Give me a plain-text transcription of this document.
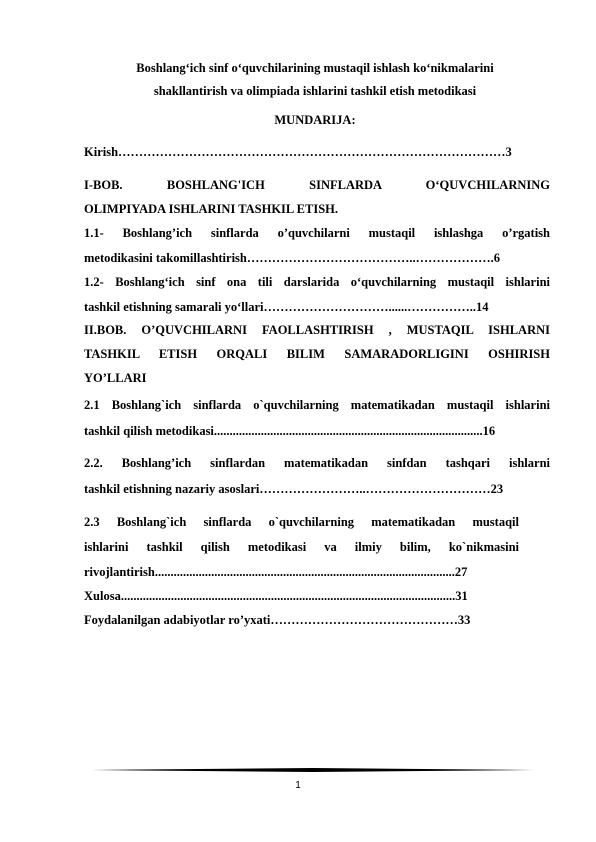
Boshlang‘ich sinf o‘quvchilarining mustaqil ishlash ko‘nikmalarini
shakllantirish va olimpiada ishlarini tashkil etish metodikasi
MUNDARIJA:
Kirish…………………………………………………………………………………3
I-BOB. BOSHLANG'ICH SINFLARDA O‘QUVCHILARNING
OLIMPIYADA ISHLARINI TASHKIL ETISH.
1.1- Boshlang’ich sinflarda o’quvchilarni mustaqil ishlashga o’rgatish
metodikasini takomillashtirish…………………………………..……………….6
1.2- Boshlang‘ich sinf ona tili darslarida o‘quvchilarning mustaqil ishlarini
tashkil etishning samarali yo‘llari…………………………......……………..14
II.BOB. O’QUVCHILARNI FAOLLASHTIRISH , MUSTAQIL ISHLARNI
TASHKIL ETISH ORQALI BILIM SAMARADORLIGINI OSHIRISH
YO’LLARI
2.1 Boshlang`ich sinflarda o`quvchilarning matematikadan mustaqil ishlarini
tashkil qilish metodikasi......................................................................................16
2.2. Boshlang’ich sinflardan matematikadan sinfdan tashqari ishlarni
tashkil etishning nazariy asoslari……………………..…………………………23
2.3 Boshlang`ich sinflarda o`quvchilarning matematikadan mustaqil
ishlarini tashkil qilish metodikasi va ilmiy bilim, ko`nikmasini
rivojlantirish................................................................................................27
Xulosa...........................................................................................................31
Foydalanilgan adabiyotlar ro’yxati………………………………………33
1
